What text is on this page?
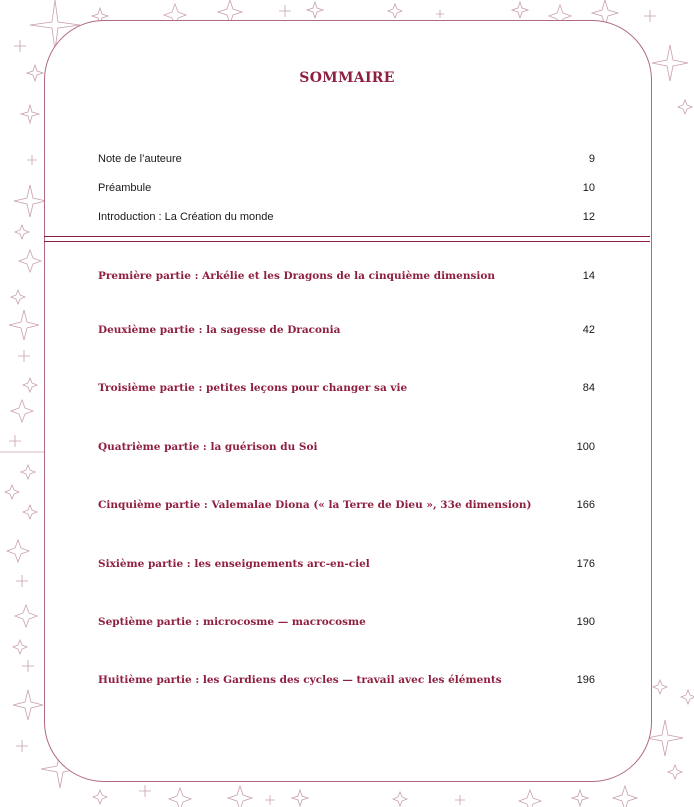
SOMMAIRE
Note de l’auteure	9
Préambule	10
Introduction : La Création du monde	12
Première partie : Arkélie et les Dragons de la cinquième dimension	14
Deuxième partie : la sagesse de Draconia	42
Troisième partie : petites leçons pour changer sa vie	84
Quatrième partie : la guérison du Soi	100
Cinquième partie : Valemalae Diona (« la Terre de Dieu », 33e dimension)	166
Sixième partie : les enseignements arc-en-ciel	176
Septième partie : microcosme — macrocosme	190
Huitième partie : les Gardiens des cycles — travail avec les éléments	196
